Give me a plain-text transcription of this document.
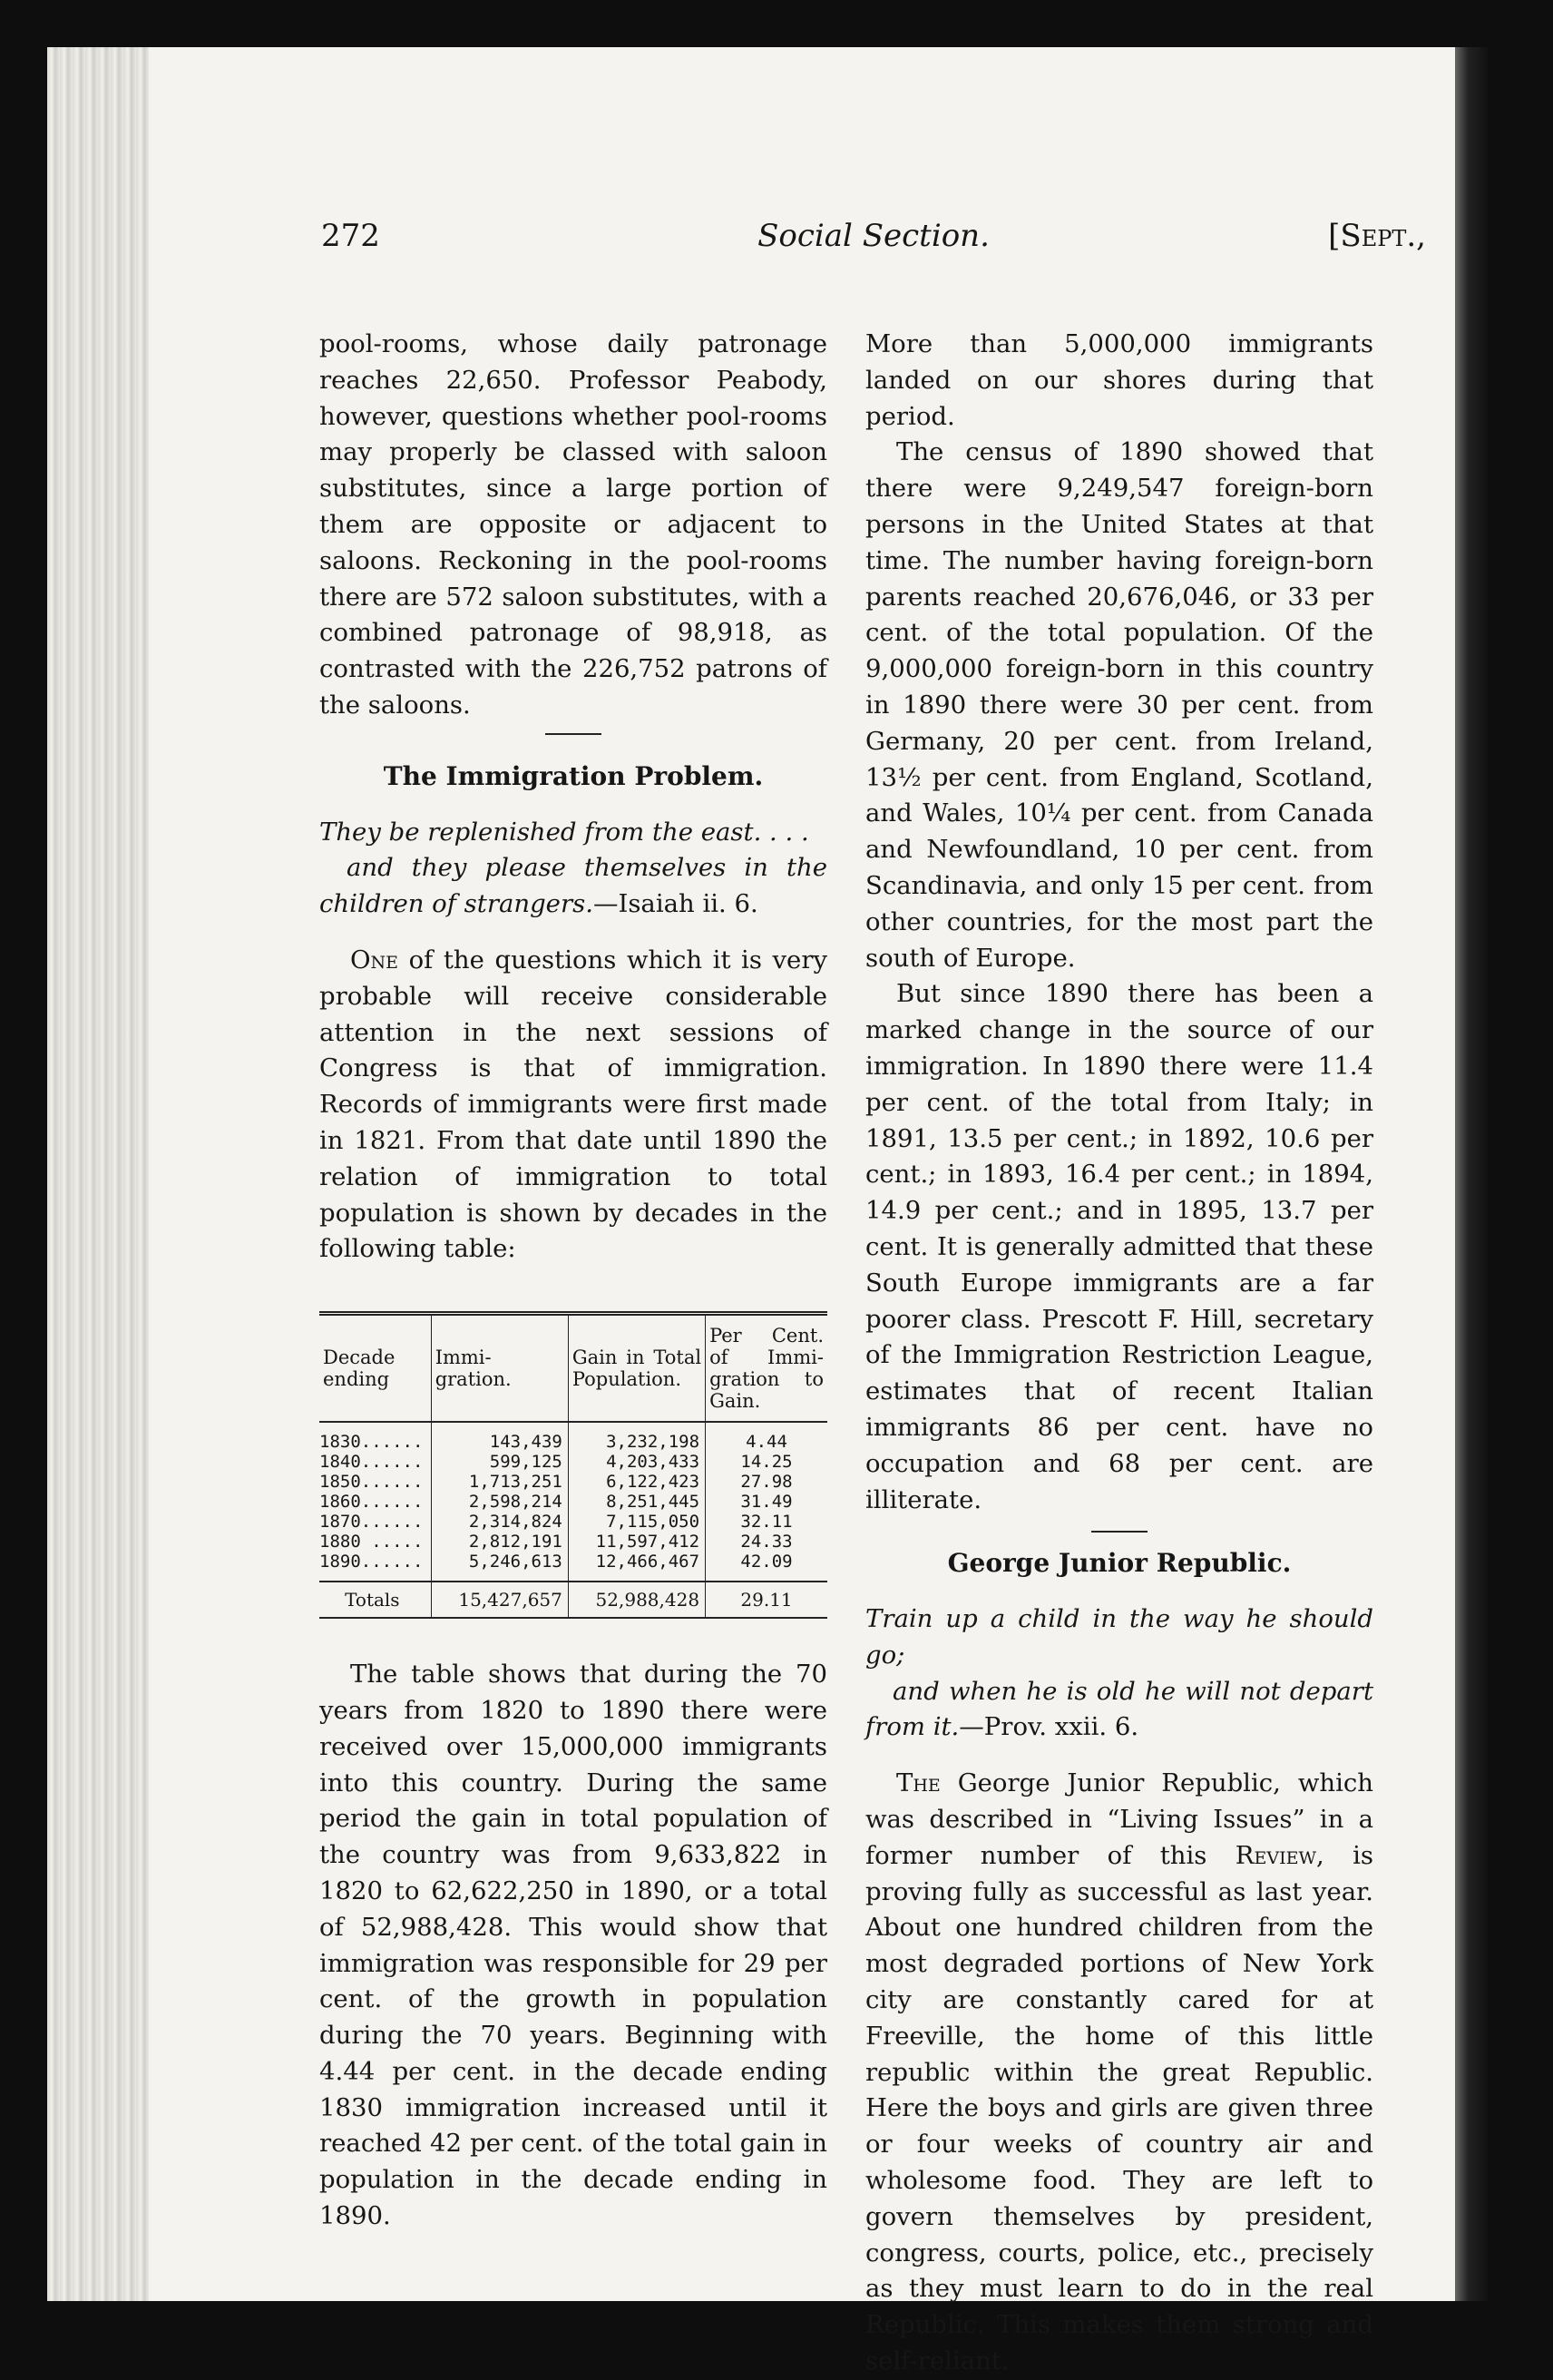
272	Social Section.	[Sept.,

pool-rooms, whose daily patronage reaches 22,650. Professor Peabody, however, questions whether pool-rooms may properly be classed with saloon substitutes, since a large portion of them are opposite or adjacent to saloons. Reckoning in the pool-rooms there are 572 saloon substitutes, with a combined patronage of 98,918, as contrasted with the 226,752 patrons of the saloons.

The Immigration Problem.

They be replenished from the east. . . .
and they please themselves in the children of strangers.—Isaiah ii. 6.

One of the questions which it is very probable will receive considerable attention in the next sessions of Congress is that of immigration. Records of immigrants were first made in 1821. From that date until 1890 the relation of immigration to total population is shown by decades in the following table:

Decade ending	Immi-gration.	Gain in Total Population.	Per Cent. of Immi-gration to Gain.
1830......	143,439	3,232,198	4.44
1840......	599,125	4,203,433	14.25
1850......	1,713,251	6,122,423	27.98
1860......	2,598,214	8,251,445	31.49
1870......	2,314,824	7,115,050	32.11
1880 .....	2,812,191	11,597,412	24.33
1890......	5,246,613	12,466,467	42.09
Totals	15,427,657	52,988,428	29.11

The table shows that during the 70 years from 1820 to 1890 there were received over 15,000,000 immigrants into this country. During the same period the gain in total population of the country was from 9,633,822 in 1820 to 62,622,250 in 1890, or a total of 52,988,428. This would show that immigration was responsible for 29 per cent. of the growth in population during the 70 years. Beginning with 4.44 per cent. in the decade ending 1830 immigration increased until it reached 42 per cent. of the total gain in population in the decade ending in 1890.

More than 5,000,000 immigrants landed on our shores during that period.

The census of 1890 showed that there were 9,249,547 foreign-born persons in the United States at that time. The number having foreign-born parents reached 20,676,046, or 33 per cent. of the total population. Of the 9,000,000 foreign-born in this country in 1890 there were 30 per cent. from Germany, 20 per cent. from Ireland, 13½ per cent. from England, Scotland, and Wales, 10¼ per cent. from Canada and Newfoundland, 10 per cent. from Scandinavia, and only 15 per cent. from other countries, for the most part the south of Europe.

But since 1890 there has been a marked change in the source of our immigration. In 1890 there were 11.4 per cent. of the total from Italy; in 1891, 13.5 per cent.; in 1892, 10.6 per cent.; in 1893, 16.4 per cent.; in 1894, 14.9 per cent.; and in 1895, 13.7 per cent. It is generally admitted that these South Europe immigrants are a far poorer class. Prescott F. Hill, secretary of the Immigration Restriction League, estimates that of recent Italian immigrants 86 per cent. have no occupation and 68 per cent. are illiterate.

George Junior Republic.

Train up a child in the way he should go;
and when he is old he will not depart from it.—Prov. xxii. 6.

The George Junior Republic, which was described in “Living Issues” in a former number of this Review, is proving fully as successful as last year. About one hundred children from the most degraded portions of New York city are constantly cared for at Freeville, the home of this little republic within the great Republic. Here the boys and girls are given three or four weeks of country air and wholesome food. They are left to govern themselves by president, congress, courts, police, etc., precisely as they must learn to do in the real Republic. This makes them strong and self-reliant.
